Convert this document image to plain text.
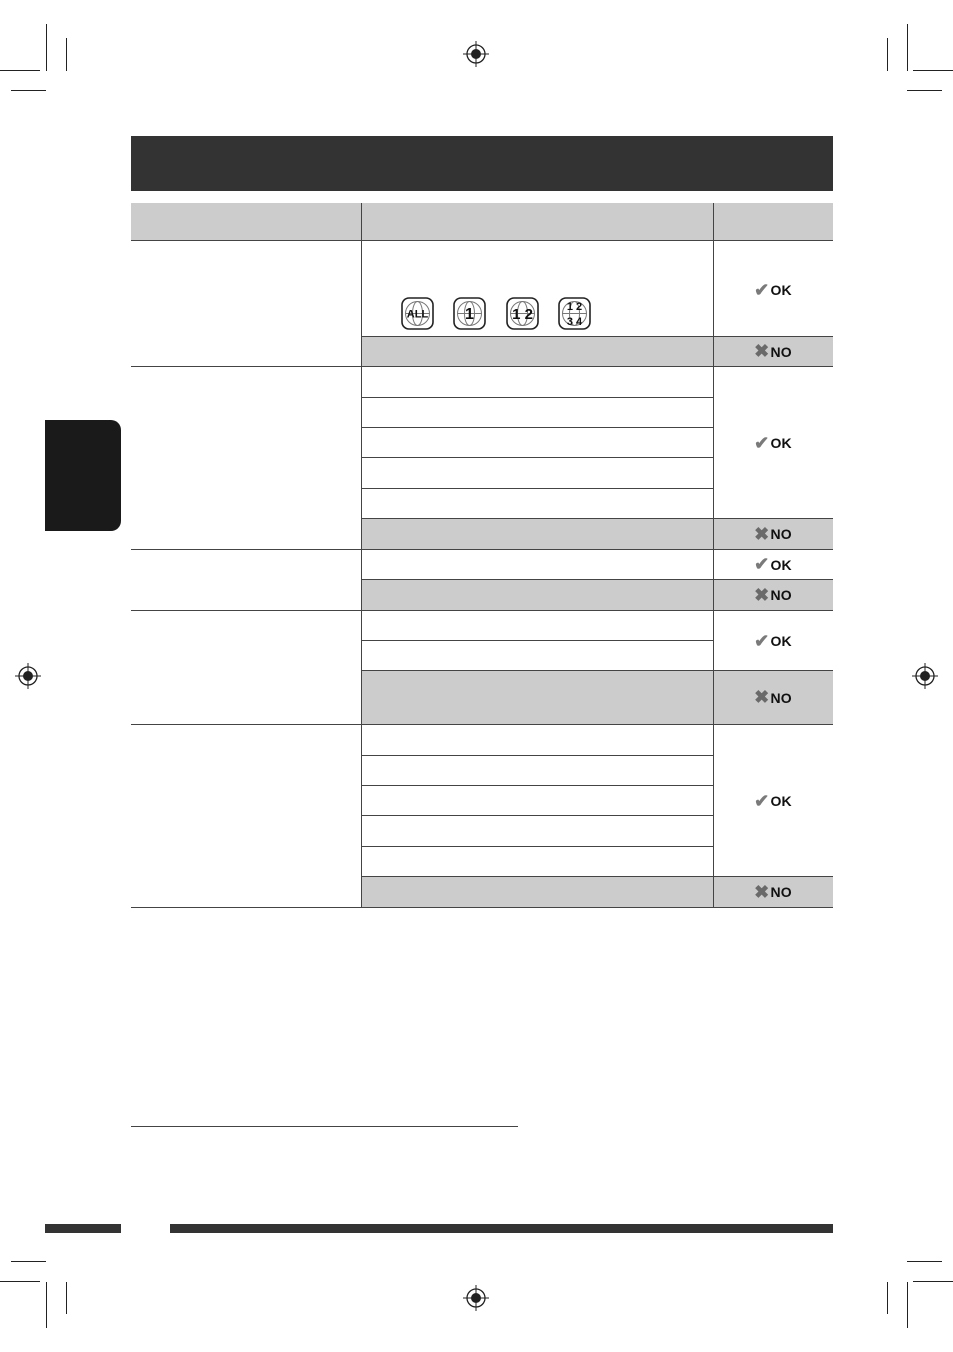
ALL 1	1 2	1 2
3 4
✔ OK
✖ NO
✔ OK
✖ NO
✔ OK
✖ NO
✔ OK
✖ NO
✔ OK
✖ NO
